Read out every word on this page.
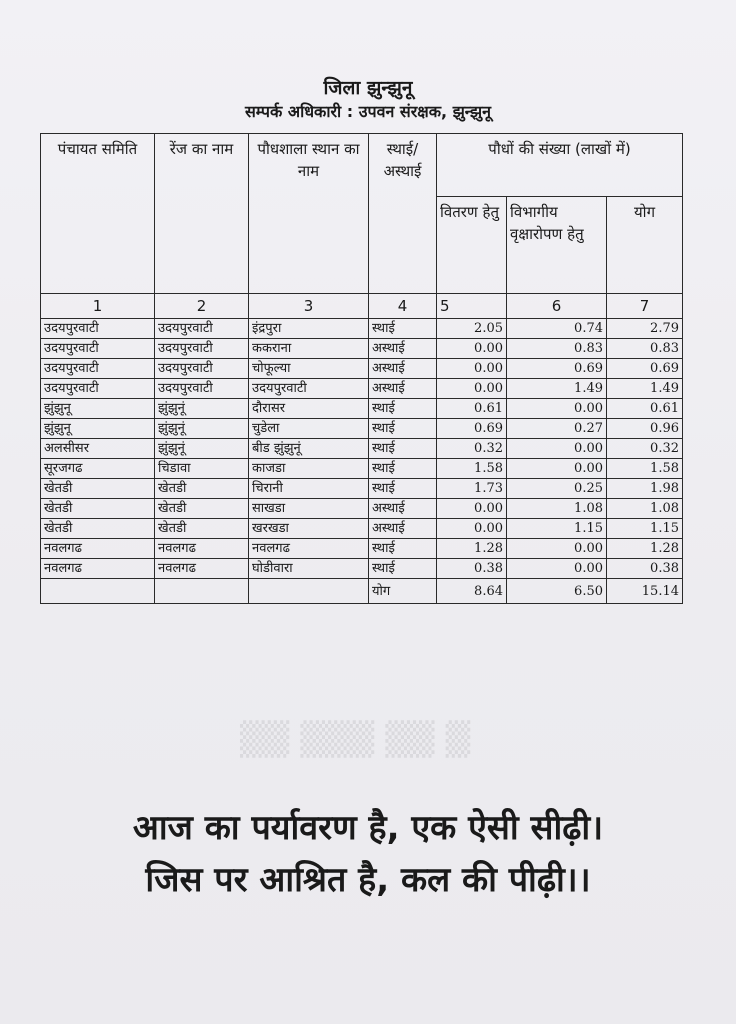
जिला झुन्झुनू
सम्पर्क अधिकारी : उपवन संरक्षक, झुन्झुनू
पंचायत समिति	रेंज का नाम	पौधशाला स्थान का नाम	स्थाई/ अस्थाई	पौधों की संख्या (लाखों में)		
				वितरण हेतु	विभागीय वृक्षारोपण हेतु	योग
1	2	3	4	5	6	7
उदयपुरवाटी	उदयपुरवाटी	इंद्रपुरा	स्थाई	2.05	0.74	2.79
उदयपुरवाटी	उदयपुरवाटी	ककराना	अस्थाई	0.00	0.83	0.83
उदयपुरवाटी	उदयपुरवाटी	चोफूल्या	अस्थाई	0.00	0.69	0.69
उदयपुरवाटी	उदयपुरवाटी	उदयपुरवाटी	अस्थाई	0.00	1.49	1.49
झुंझुनू	झुंझुनूं	दौरासर	स्थाई	0.61	0.00	0.61
झुंझुनू	झुंझुनूं	चुडेला	स्थाई	0.69	0.27	0.96
अलसीसर	झुंझुनूं	बीड झुंझुनूं	स्थाई	0.32	0.00	0.32
सूरजगढ	चिडावा	काजडा	स्थाई	1.58	0.00	1.58
खेतडी	खेतडी	चिरानी	स्थाई	1.73	0.25	1.98
खेतडी	खेतडी	साखडा	अस्थाई	0.00	1.08	1.08
खेतडी	खेतडी	खरखडा	अस्थाई	0.00	1.15	1.15
नवलगढ	नवलगढ	नवलगढ	स्थाई	1.28	0.00	1.28
नवलगढ	नवलगढ	घोडीवारा	स्थाई	0.38	0.00	0.38
			योग	8.64	6.50	15.14
▒ ▒▒ ▒▒▒ ▒▒
आज का पर्यावरण है, एक ऐसी सीढ़ी।
जिस पर आश्रित है, कल की पीढ़ी।।
